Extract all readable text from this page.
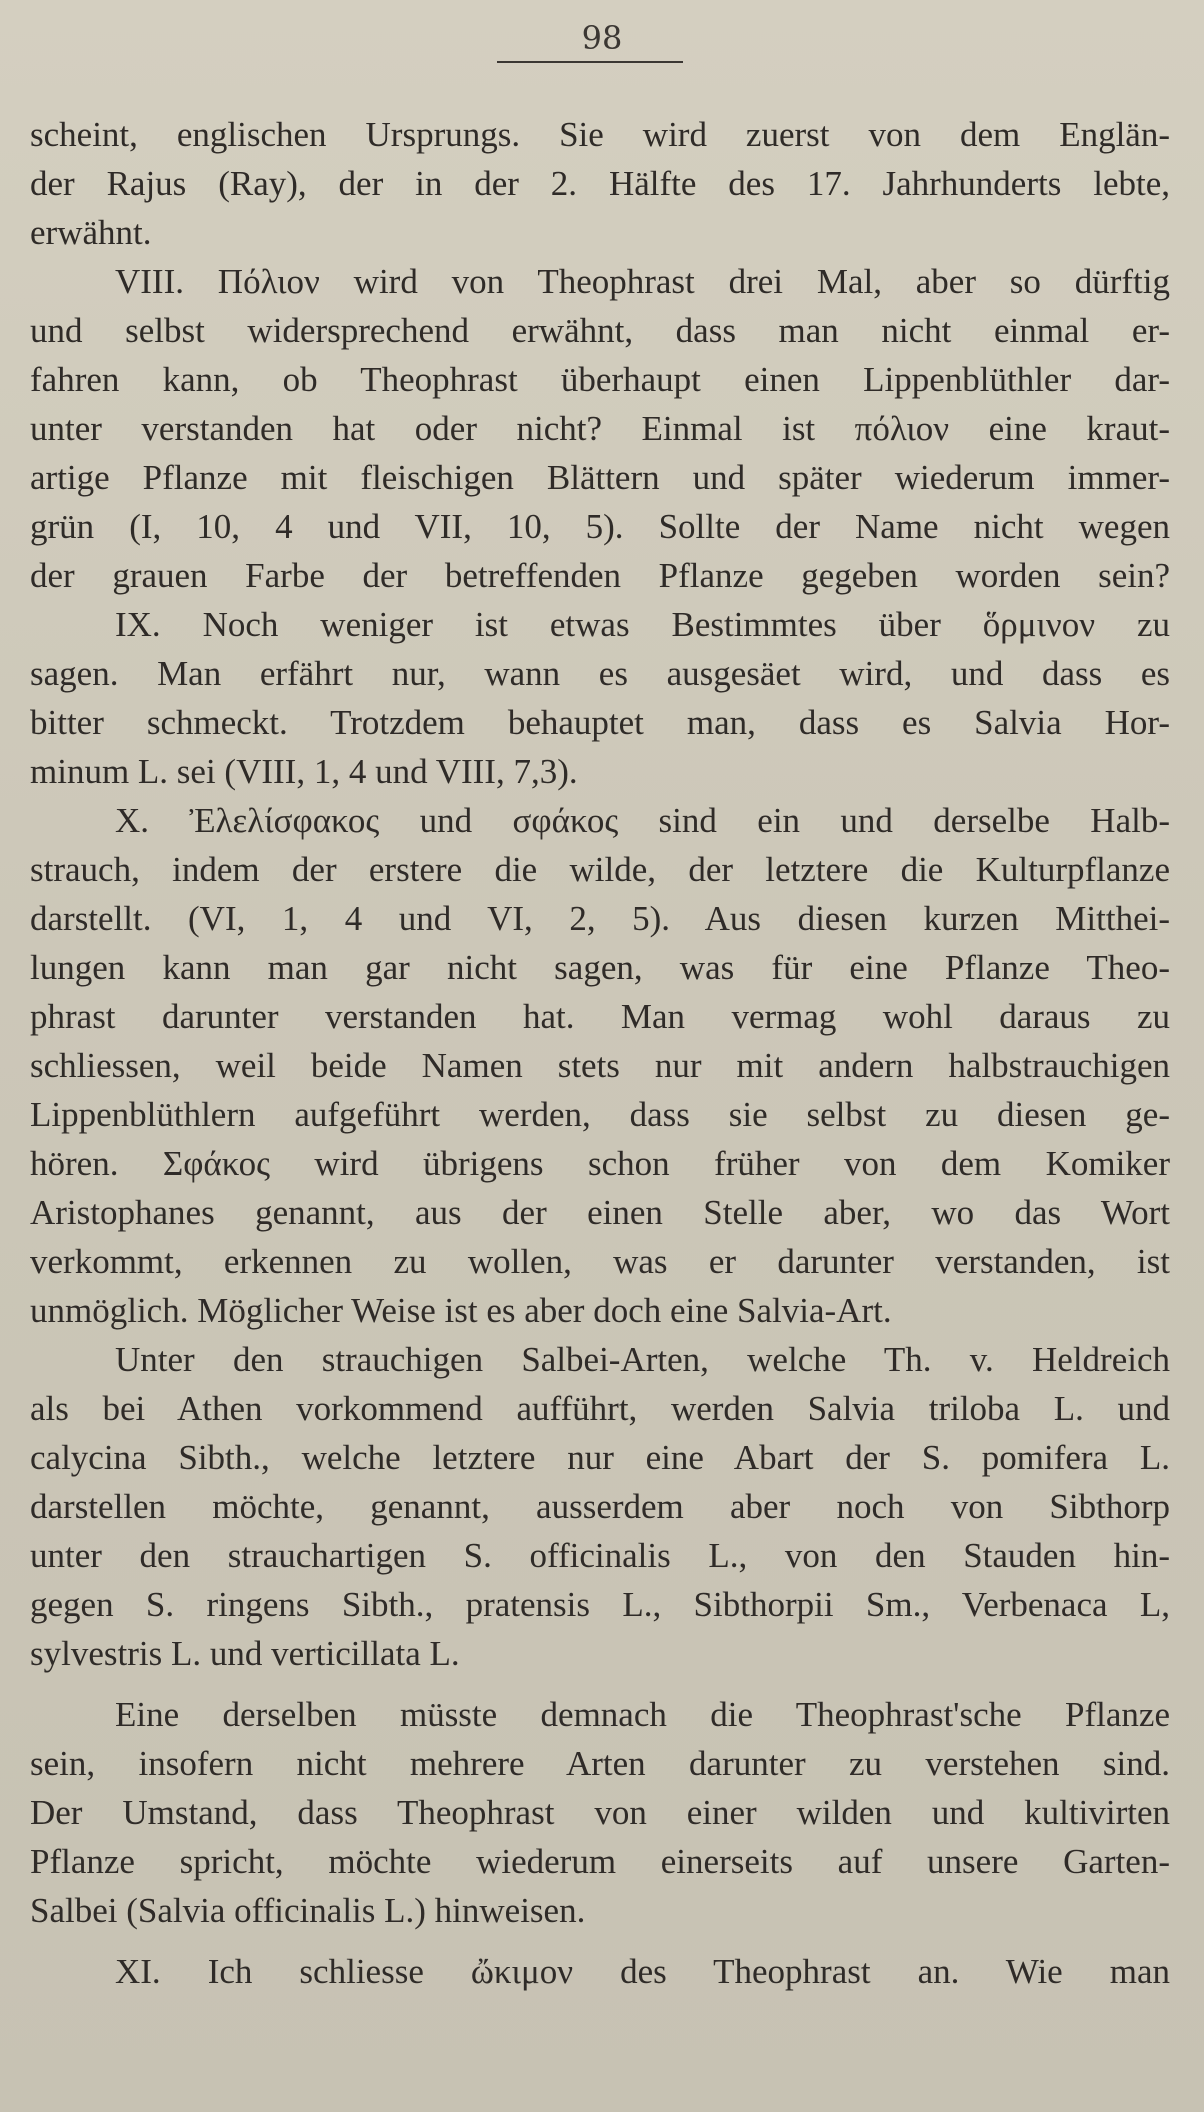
98

scheint, englischen Ursprungs. Sie wird zuerst von dem Englän-

der Rajus (Ray), der in der 2. Hälfte des 17. Jahrhunderts lebte,

erwähnt.

VIII. Πόλιον wird von Theophrast drei Mal, aber so dürftig

und selbst widersprechend erwähnt, dass man nicht einmal er-

fahren kann, ob Theophrast überhaupt einen Lippenblüthler dar-

unter verstanden hat oder nicht? Einmal ist πόλιον eine kraut-

artige Pflanze mit fleischigen Blättern und später wiederum immer-

grün (I, 10, 4 und VII, 10, 5). Sollte der Name nicht wegen

der grauen Farbe der betreffenden Pflanze gegeben worden sein?

IX. Noch weniger ist etwas Bestimmtes über ὅρμινον zu

sagen. Man erfährt nur, wann es ausgesäet wird, und dass es

bitter schmeckt. Trotzdem behauptet man, dass es Salvia Hor-

minum L. sei (VIII, 1, 4 und VIII, 7,3).

X. Ἐλελίσφακος und σφάκος sind ein und derselbe Halb-

strauch, indem der erstere die wilde, der letztere die Kulturpflanze

darstellt. (VI, 1, 4 und VI, 2, 5). Aus diesen kurzen Mitthei-

lungen kann man gar nicht sagen, was für eine Pflanze Theo-

phrast darunter verstanden hat. Man vermag wohl daraus zu

schliessen, weil beide Namen stets nur mit andern halbstrauchigen

Lippenblüthlern aufgeführt werden, dass sie selbst zu diesen ge-

hören. Σφάκος wird übrigens schon früher von dem Komiker

Aristophanes genannt, aus der einen Stelle aber, wo das Wort

verkommt, erkennen zu wollen, was er darunter verstanden, ist

unmöglich. Möglicher Weise ist es aber doch eine Salvia-Art.

Unter den strauchigen Salbei-Arten, welche Th. v. Heldreich

als bei Athen vorkommend aufführt, werden Salvia triloba L. und

calycina Sibth., welche letztere nur eine Abart der S. pomifera L.

darstellen möchte, genannt, ausserdem aber noch von Sibthorp

unter den strauchartigen S. officinalis L., von den Stauden hin-

gegen S. ringens Sibth., pratensis L., Sibthorpii Sm., Verbenaca L,

sylvestris L. und verticillata L.

Eine derselben müsste demnach die Theophrast'sche Pflanze

sein, insofern nicht mehrere Arten darunter zu verstehen sind.

Der Umstand, dass Theophrast von einer wilden und kultivirten

Pflanze spricht, möchte wiederum einerseits auf unsere Garten-

Salbei (Salvia officinalis L.) hinweisen.

XI. Ich schliesse ὤκιμον des Theophrast an. Wie man
